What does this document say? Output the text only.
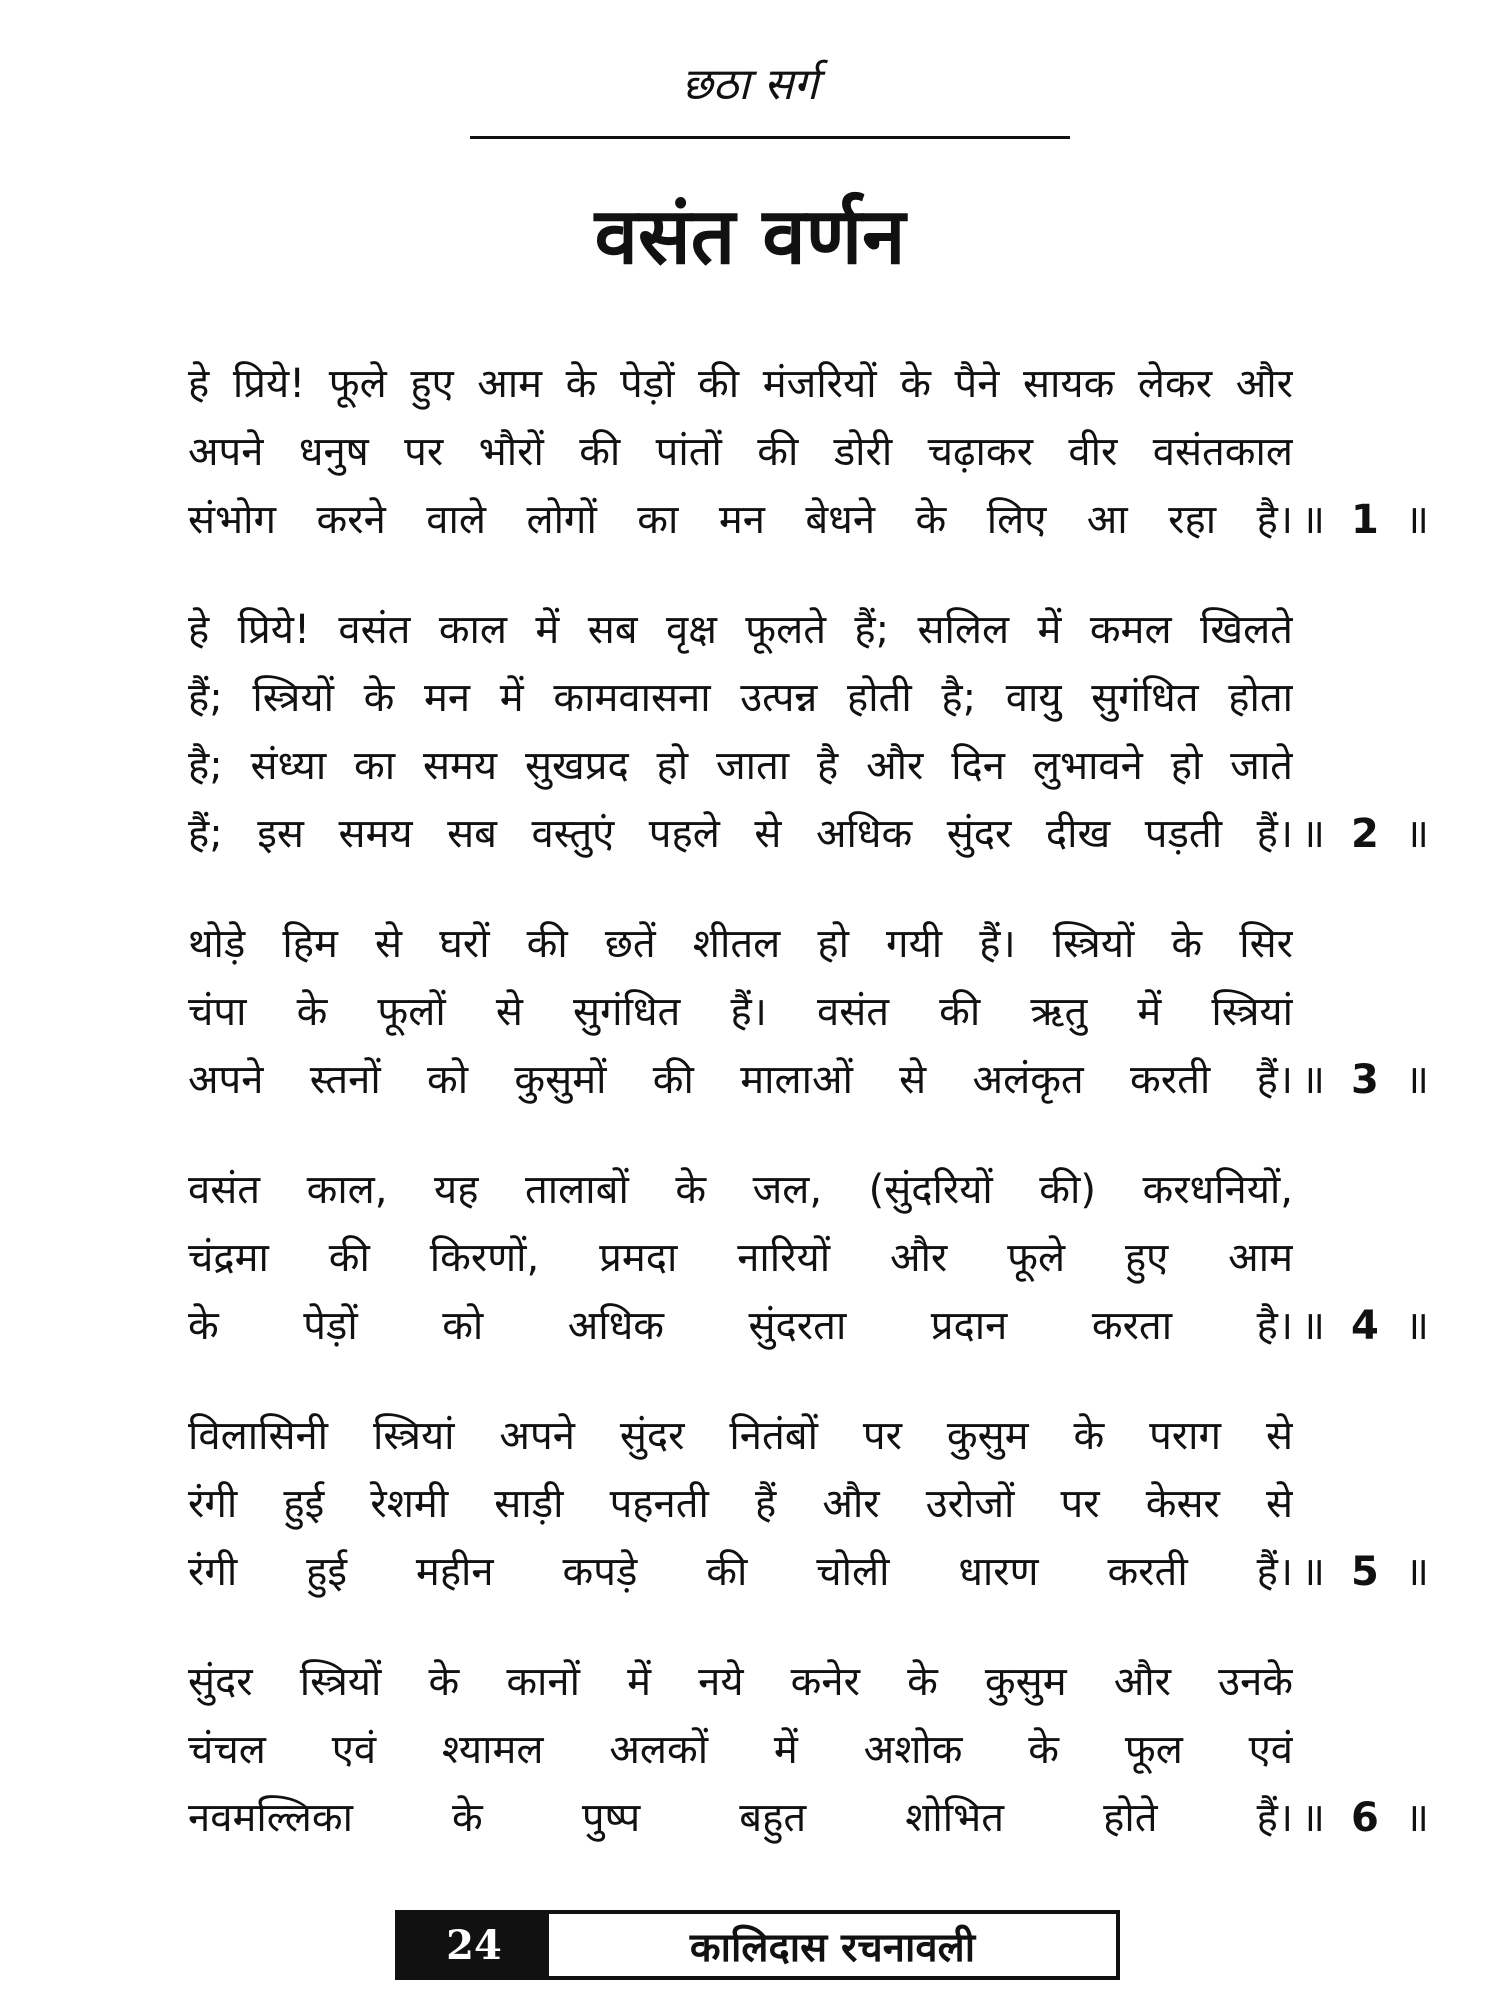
छठा सर्ग
वसंत वर्णन
हे प्रिये! फूले हुए आम के पेड़ों की मंजरियों के पैने सायक लेकर और
अपने धनुष पर भौरों की पांतों की डोरी चढ़ाकर वीर वसंतकाल
संभोग करने वाले लोगों का मन बेधने के लिए आ रहा है। ॥ 1 ॥
हे प्रिये! वसंत काल में सब वृक्ष फूलते हैं; सलिल में कमल खिलते
हैं; स्त्रियों के मन में कामवासना उत्पन्न होती है; वायु सुगंधित होता
है; संध्या का समय सुखप्रद हो जाता है और दिन लुभावने हो जाते
हैं; इस समय सब वस्तुएं पहले से अधिक सुंदर दीख पड़ती हैं। ॥ 2 ॥
थोड़े हिम से घरों की छतें शीतल हो गयी हैं। स्त्रियों के सिर
चंपा के फूलों से सुगंधित हैं। वसंत की ऋतु में स्त्रियां
अपने स्तनों को कुसुमों की मालाओं से अलंकृत करती हैं। ॥ 3 ॥
वसंत काल, यह तालाबों के जल, (सुंदरियों की) करधनियों,
चंद्रमा की किरणों, प्रमदा नारियों और फूले हुए आम
के पेड़ों को अधिक सुंदरता प्रदान करता है। ॥ 4 ॥
विलासिनी स्त्रियां अपने सुंदर नितंबों पर कुसुम के पराग से
रंगी हुई रेशमी साड़ी पहनती हैं और उरोजों पर केसर से
रंगी हुई महीन कपड़े की चोली धारण करती हैं। ॥ 5 ॥
सुंदर स्त्रियों के कानों में नये कनेर के कुसुम और उनके
चंचल एवं श्यामल अलकों में अशोक के फूल एवं
नवमल्लिका के पुष्प बहुत शोभित होते हैं। ॥ 6 ॥
24	कालिदास रचनावली
